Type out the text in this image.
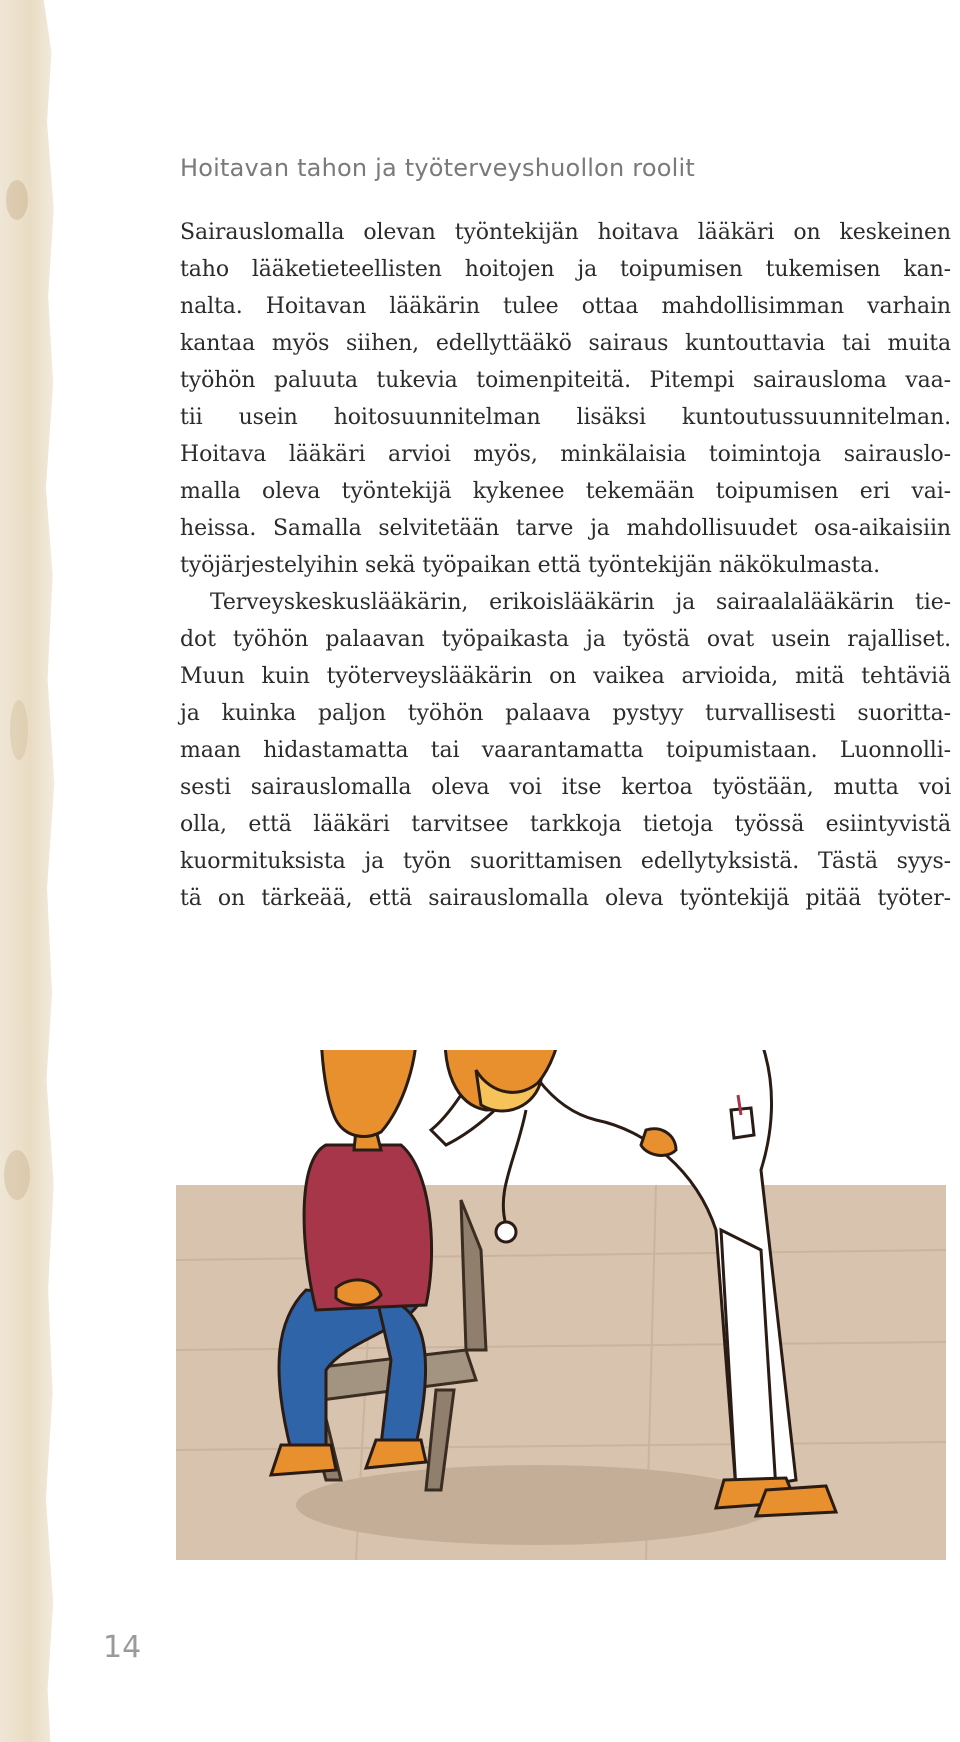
Hoitavan tahon ja työterveyshuollon roolit
Sairauslomalla olevan työntekijän hoitava lääkäri on keskeinen
taho lääketieteellisten hoitojen ja toipumisen tukemisen kan-
nalta. Hoitavan lääkärin tulee ottaa mahdollisimman varhain
kantaa myös siihen, edellyttääkö sairaus kuntouttavia tai muita
työhön paluuta tukevia toimenpiteitä. Pitempi sairausloma vaa-
tii usein hoitosuunnitelman lisäksi kuntoutussuunnitelman.
Hoitava lääkäri arvioi myös, minkälaisia toimintoja sairauslo-
malla oleva työntekijä kykenee tekemään toipumisen eri vai-
heissa. Samalla selvitetään tarve ja mahdollisuudet osa-aikaisiin
työjärjestelyihin sekä työpaikan että työntekijän näkökulmasta.
Terveyskeskuslääkärin, erikoislääkärin ja sairaalalääkärin tie-
dot työhön palaavan työpaikasta ja työstä ovat usein rajalliset.
Muun kuin työterveyslääkärin on vaikea arvioida, mitä tehtäviä
ja kuinka paljon työhön palaava pystyy turvallisesti suoritta-
maan hidastamatta tai vaarantamatta toipumistaan. Luonnolli-
sesti sairauslomalla oleva voi itse kertoa työstään, mutta voi
olla, että lääkäri tarvitsee tarkkoja tietoja työssä esiintyvistä
kuormituksista ja työn suorittamisen edellytyksistä. Tästä syys-
tä on tärkeää, että sairauslomalla oleva työntekijä pitää työter-
14
